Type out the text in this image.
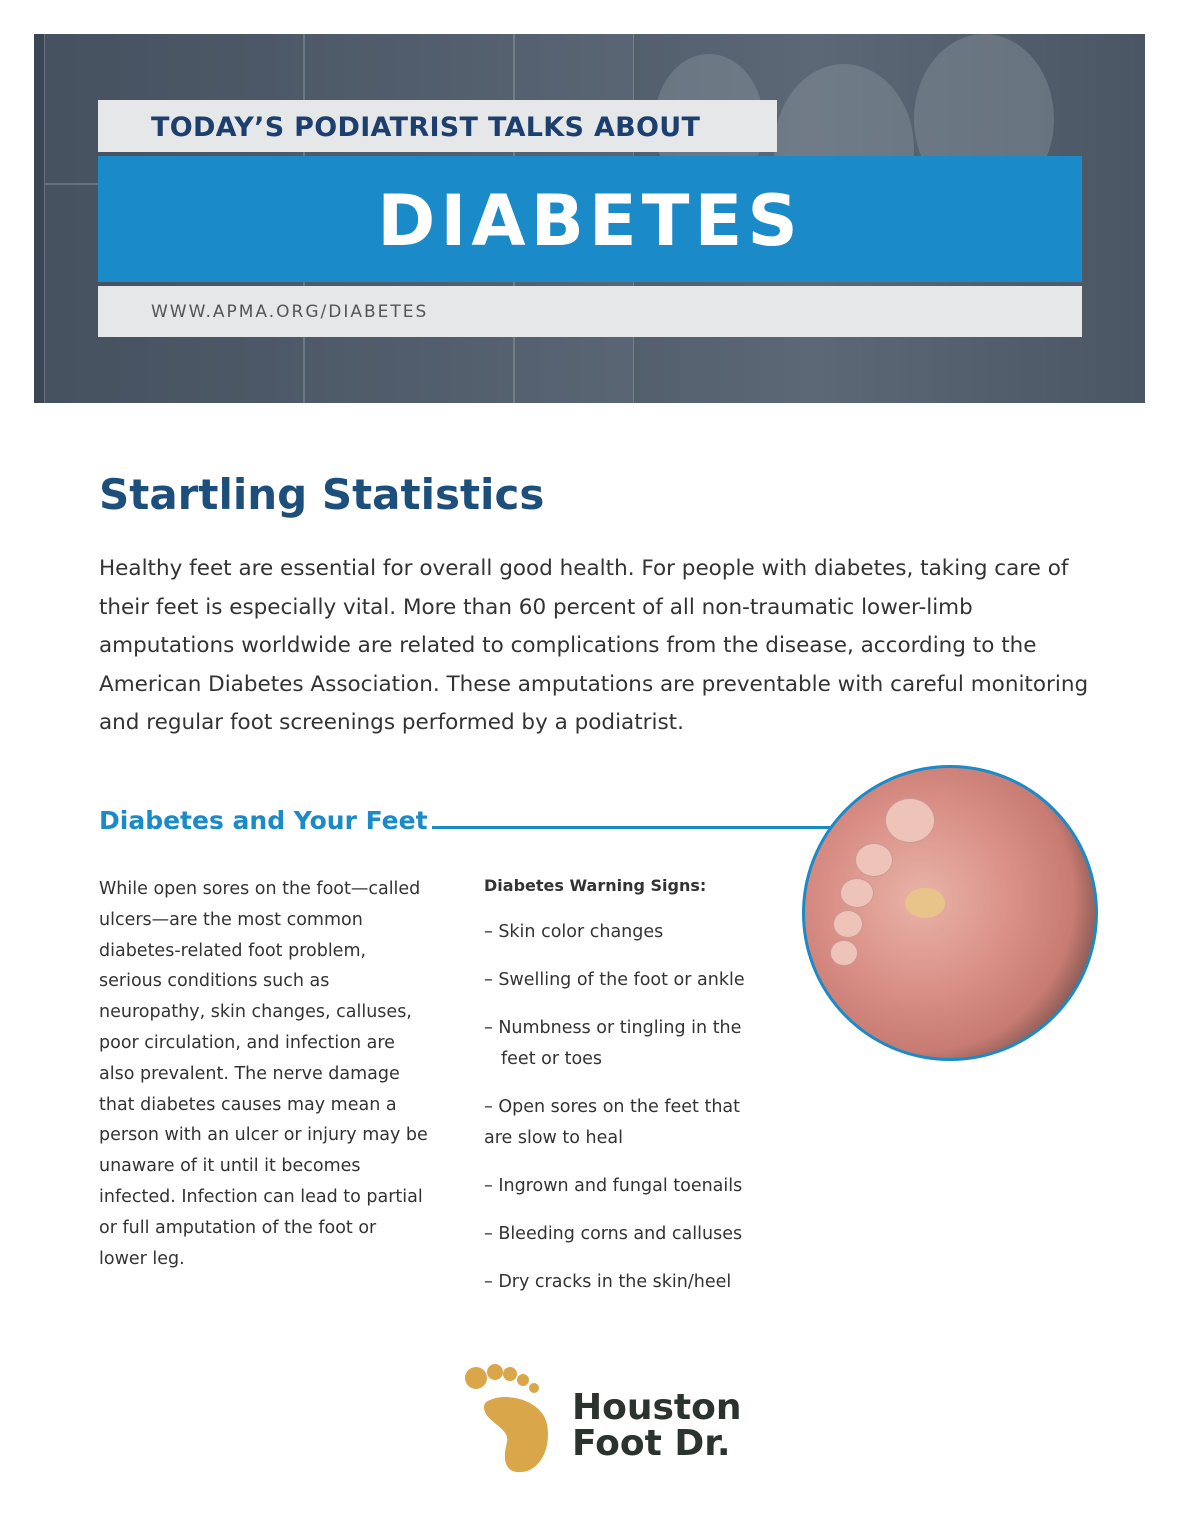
TODAY’S PODIATRIST TALKS ABOUT
DIABETES
WWW.APMA.ORG/DIABETES
Startling Statistics

Healthy feet are essential for overall good health. For people with diabetes, taking care of their feet is especially vital. More than 60 percent of all non-traumatic lower-limb amputations worldwide are related to complications from the disease, according to the American Diabetes Association. These amputations are preventable with careful monitoring and regular foot screenings performed by a podiatrist.

Diabetes and Your Feet

While open sores on the foot—called ulcers—are the most common diabetes-related foot problem, serious conditions such as neuropathy, skin changes, calluses, poor circulation, and infection are also prevalent. The nerve damage that diabetes causes may mean a person with an ulcer or injury may be unaware of it until it becomes infected. Infection can lead to partial or full amputation of the foot or lower leg.

Diabetes Warning Signs:
– Skin color changes
– Swelling of the foot or ankle
– Numbness or tingling in the
feet or toes
– Open sores on the feet that
are slow to heal
– Ingrown and fungal toenails
– Bleeding corns and calluses
– Dry cracks in the skin/heel
Houston
Foot Dr.
